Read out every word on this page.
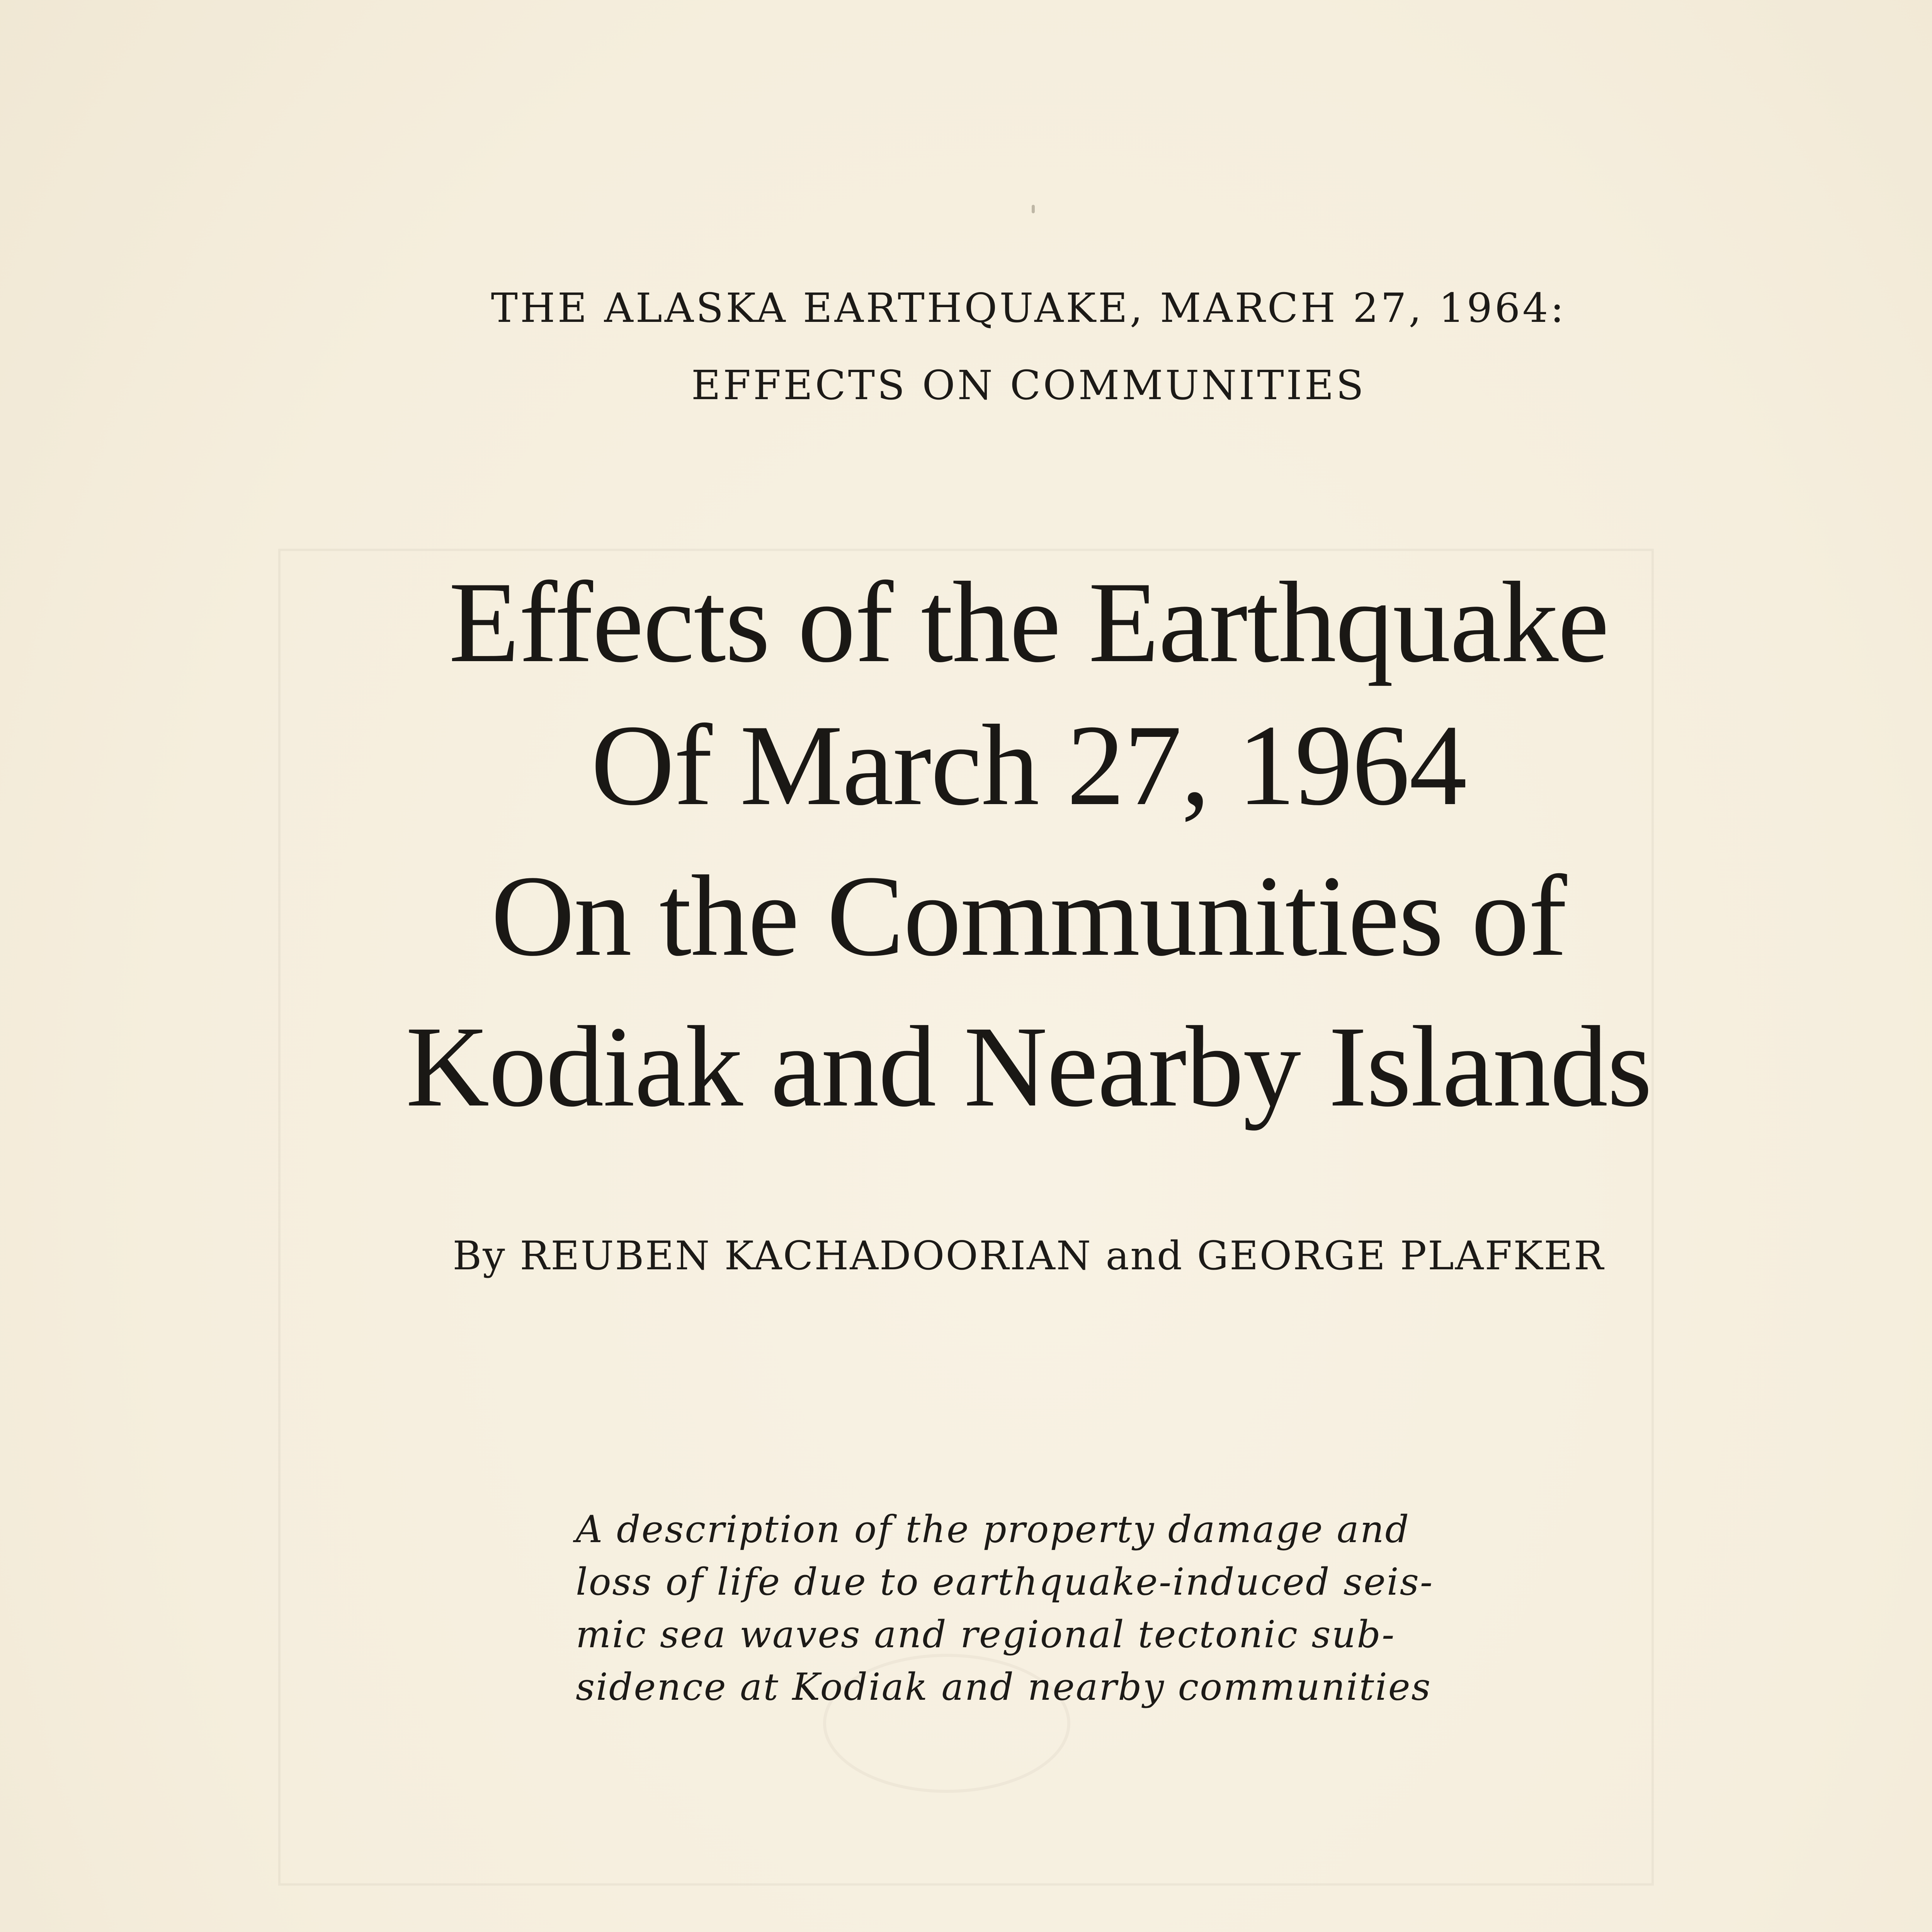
THE ALASKA EARTHQUAKE, MARCH 27, 1964:
EFFECTS ON COMMUNITIES
Effects of the Earthquake
Of March 27, 1964
On the Communities of
Kodiak and Nearby Islands
By REUBEN KACHADOORIAN and GEORGE PLAFKER
A description of the property damage and
loss of life due to earthquake-induced seis-
mic sea waves and regional tectonic sub-
sidence at Kodiak and nearby communities
